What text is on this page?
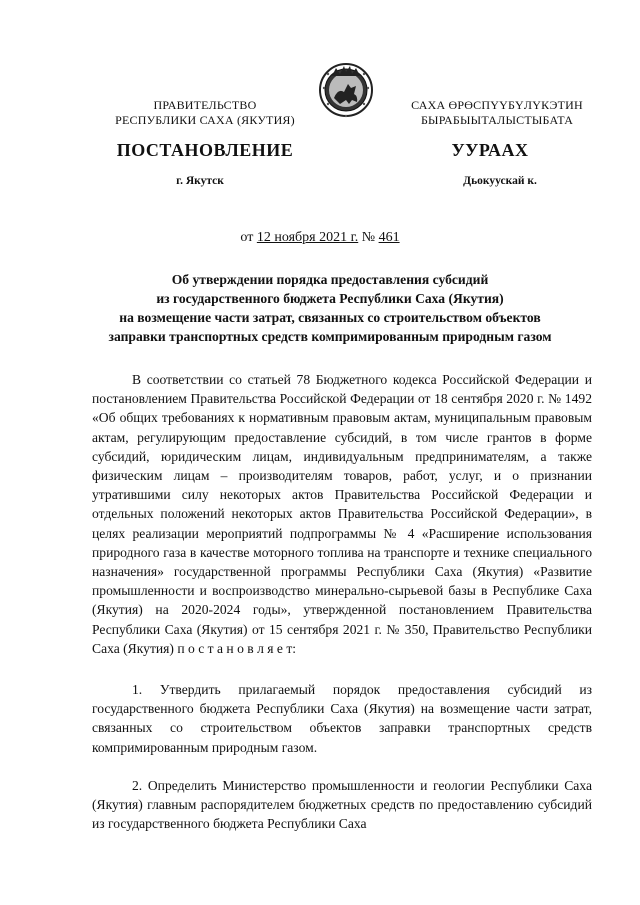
ПРАВИТЕЛЬСТВО
РЕСПУБЛИКИ САХА (ЯКУТИЯ)
САХА ӨРӨСПҮҮБҮЛҮКЭТИН
БЫРАБЫЫТАЛЫСТЫБАТА
ПОСТАНОВЛЕНИЕ	УУРААХ
г. Якутск	Дьокуускай к.
от 12 ноября 2021 г. № 461
Об утверждении порядка предоставления субсидий
из государственного бюджета Республики Саха (Якутия)
на возмещение части затрат, связанных со строительством объектов
заправки транспортных средств компримированным природным газом

В соответствии со статьей 78 Бюджетного кодекса Российской Федерации и постановлением Правительства Российской Федерации от 18 сентября 2020 г. № 1492 «Об общих требованиях к нормативным правовым актам, муниципальным правовым актам, регулирующим предоставление субсидий, в том числе грантов в форме субсидий, юридическим лицам, индивидуальным предпринимателям, а также физическим лицам – производителям товаров, работ, услуг, и о признании утратившими силу некоторых актов Правительства Российской Федерации и отдельных положений некоторых актов Правительства Российской Федерации», в целях реализации мероприятий подпрограммы № 4 «Расширение использования природного газа в качестве моторного топлива на транспорте и технике специального назначения» государственной программы Республики Саха (Якутия) «Развитие промышленности и воспроизводство минерально-сырьевой базы в Республике Саха (Якутия) на 2020-2024 годы», утвержденной постановлением Правительства Республики Саха (Якутия) от 15 сентября 2021 г. № 350, Правительство Республики Саха (Якутия) п о с т а н о в л я е т:

1. Утвердить прилагаемый порядок предоставления субсидий из государственного бюджета Республики Саха (Якутия) на возмещение части затрат, связанных со строительством объектов заправки транспортных средств компримированным природным газом.

2. Определить Министерство промышленности и геологии Республики Саха (Якутия) главным распорядителем бюджетных средств по предоставлению субсидий из государственного бюджета Республики Саха
